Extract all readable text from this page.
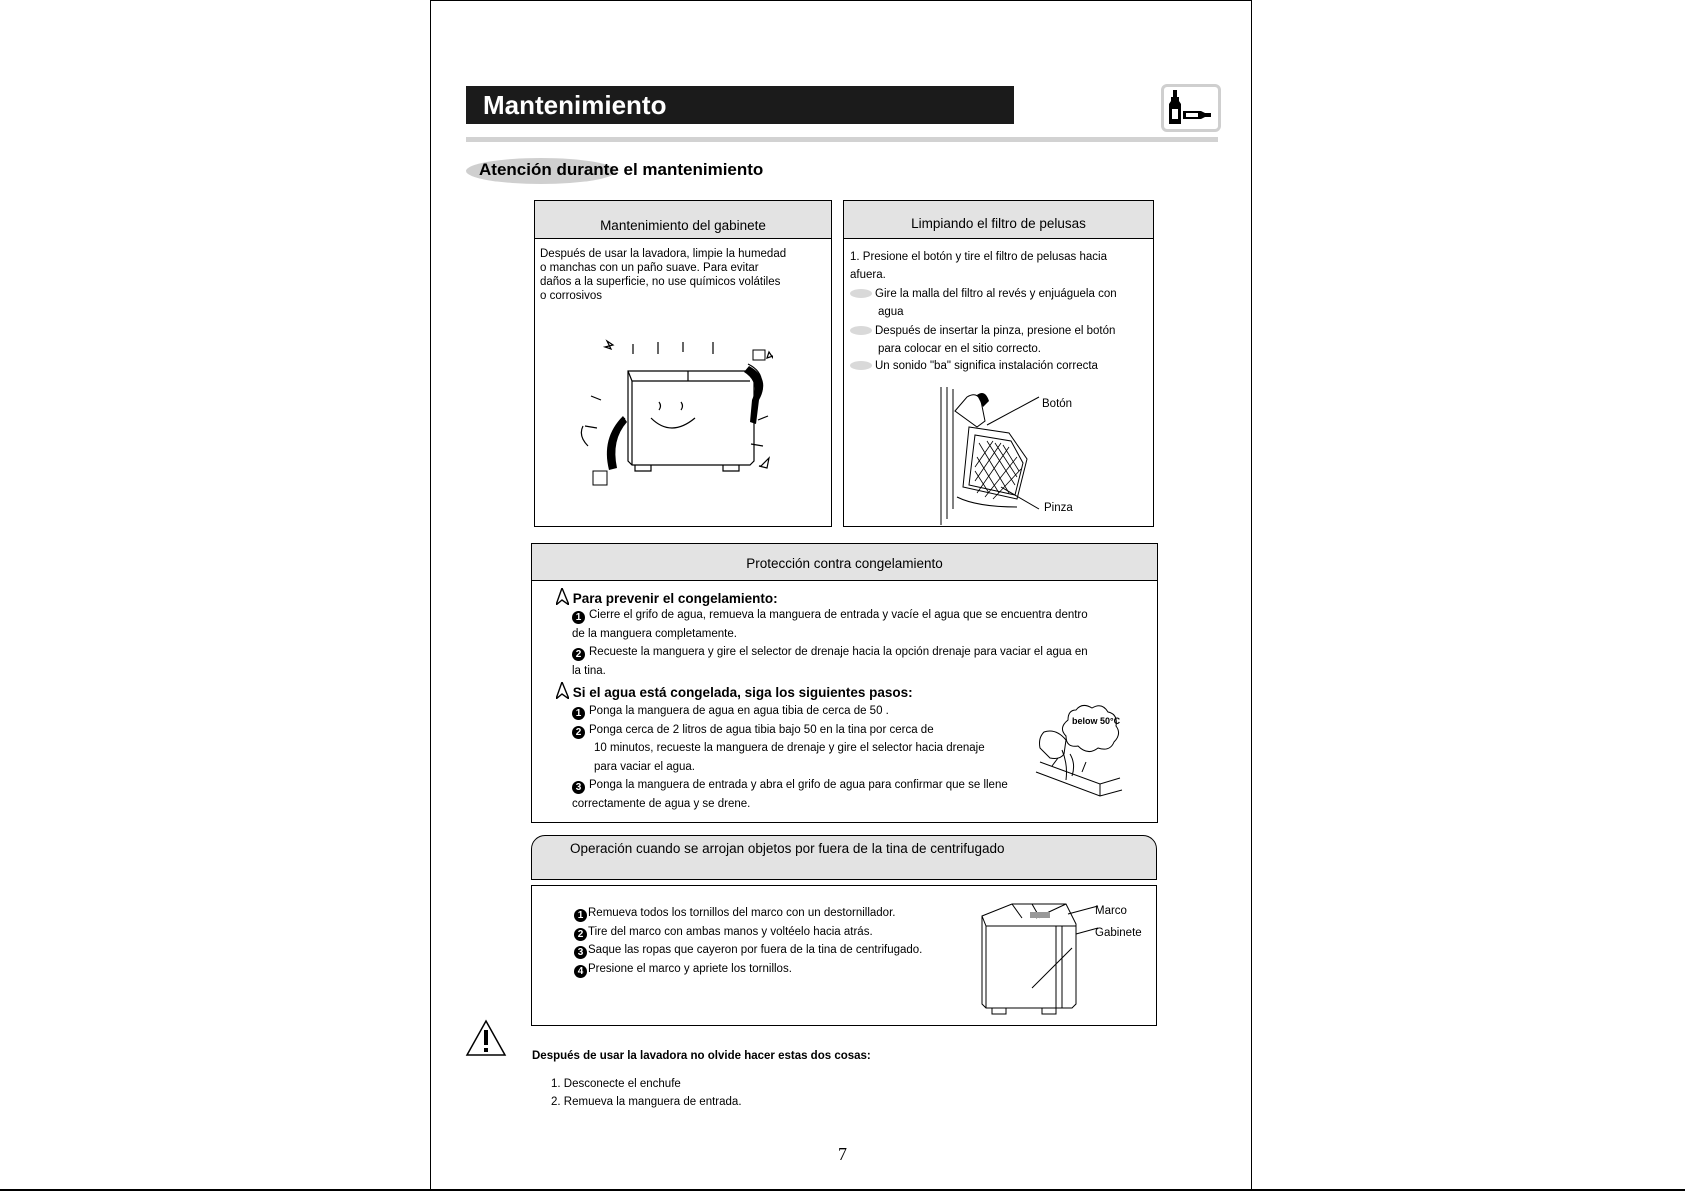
Mantenimiento
Atención durante el mantenimiento
Mantenimiento del gabinete
Después de usar la lavadora, limpie la humedad
o manchas con un paño suave. Para evitar
daños a la superficie, no use químicos volátiles
o corrosivos
Limpiando el filtro de pelusas
1. Presione el botón y tire el filtro de pelusas hacia
afuera.
Gire la malla del filtro al revés y enjuáguela con
agua
Después de insertar la pinza, presione el botón
para colocar en el sitio correcto.
Un sonido "ba" significa instalación correcta
Botón
Pinza
Protección contra congelamiento
Para prevenir el congelamiento:
1 Cierre el grifo de agua, remueva la manguera de entrada y vacíe el agua que se encuentra dentro
de la manguera completamente.
2 Recueste la manguera y gire el selector de drenaje hacia la opción drenaje para vaciar el agua en
la tina.
Si el agua está congelada, siga los siguientes pasos:
1 Ponga la manguera de agua en agua tibia de cerca de 50 .
2 Ponga cerca de 2 litros de agua tibia bajo 50 en la tina por cerca de
10 minutos, recueste la manguera de drenaje y gire el selector hacia drenaje
para vaciar el agua.
3 Ponga la manguera de entrada y abra el grifo de agua para confirmar que se llene
correctamente de agua y se drene.
below 50°C
Operación cuando se arrojan objetos por fuera de la tina de centrifugado
1 Remueva todos los tornillos del marco con un destornillador.
2 Tire del marco con ambas manos y voltéelo hacia atrás.
3 Saque las ropas que cayeron por fuera de la tina de centrifugado.
4 Presione el marco y apriete los tornillos.
Marco
Gabinete
Después de usar la lavadora no olvide hacer estas dos cosas:
1. Desconecte el enchufe
2. Remueva la manguera de entrada.
7
